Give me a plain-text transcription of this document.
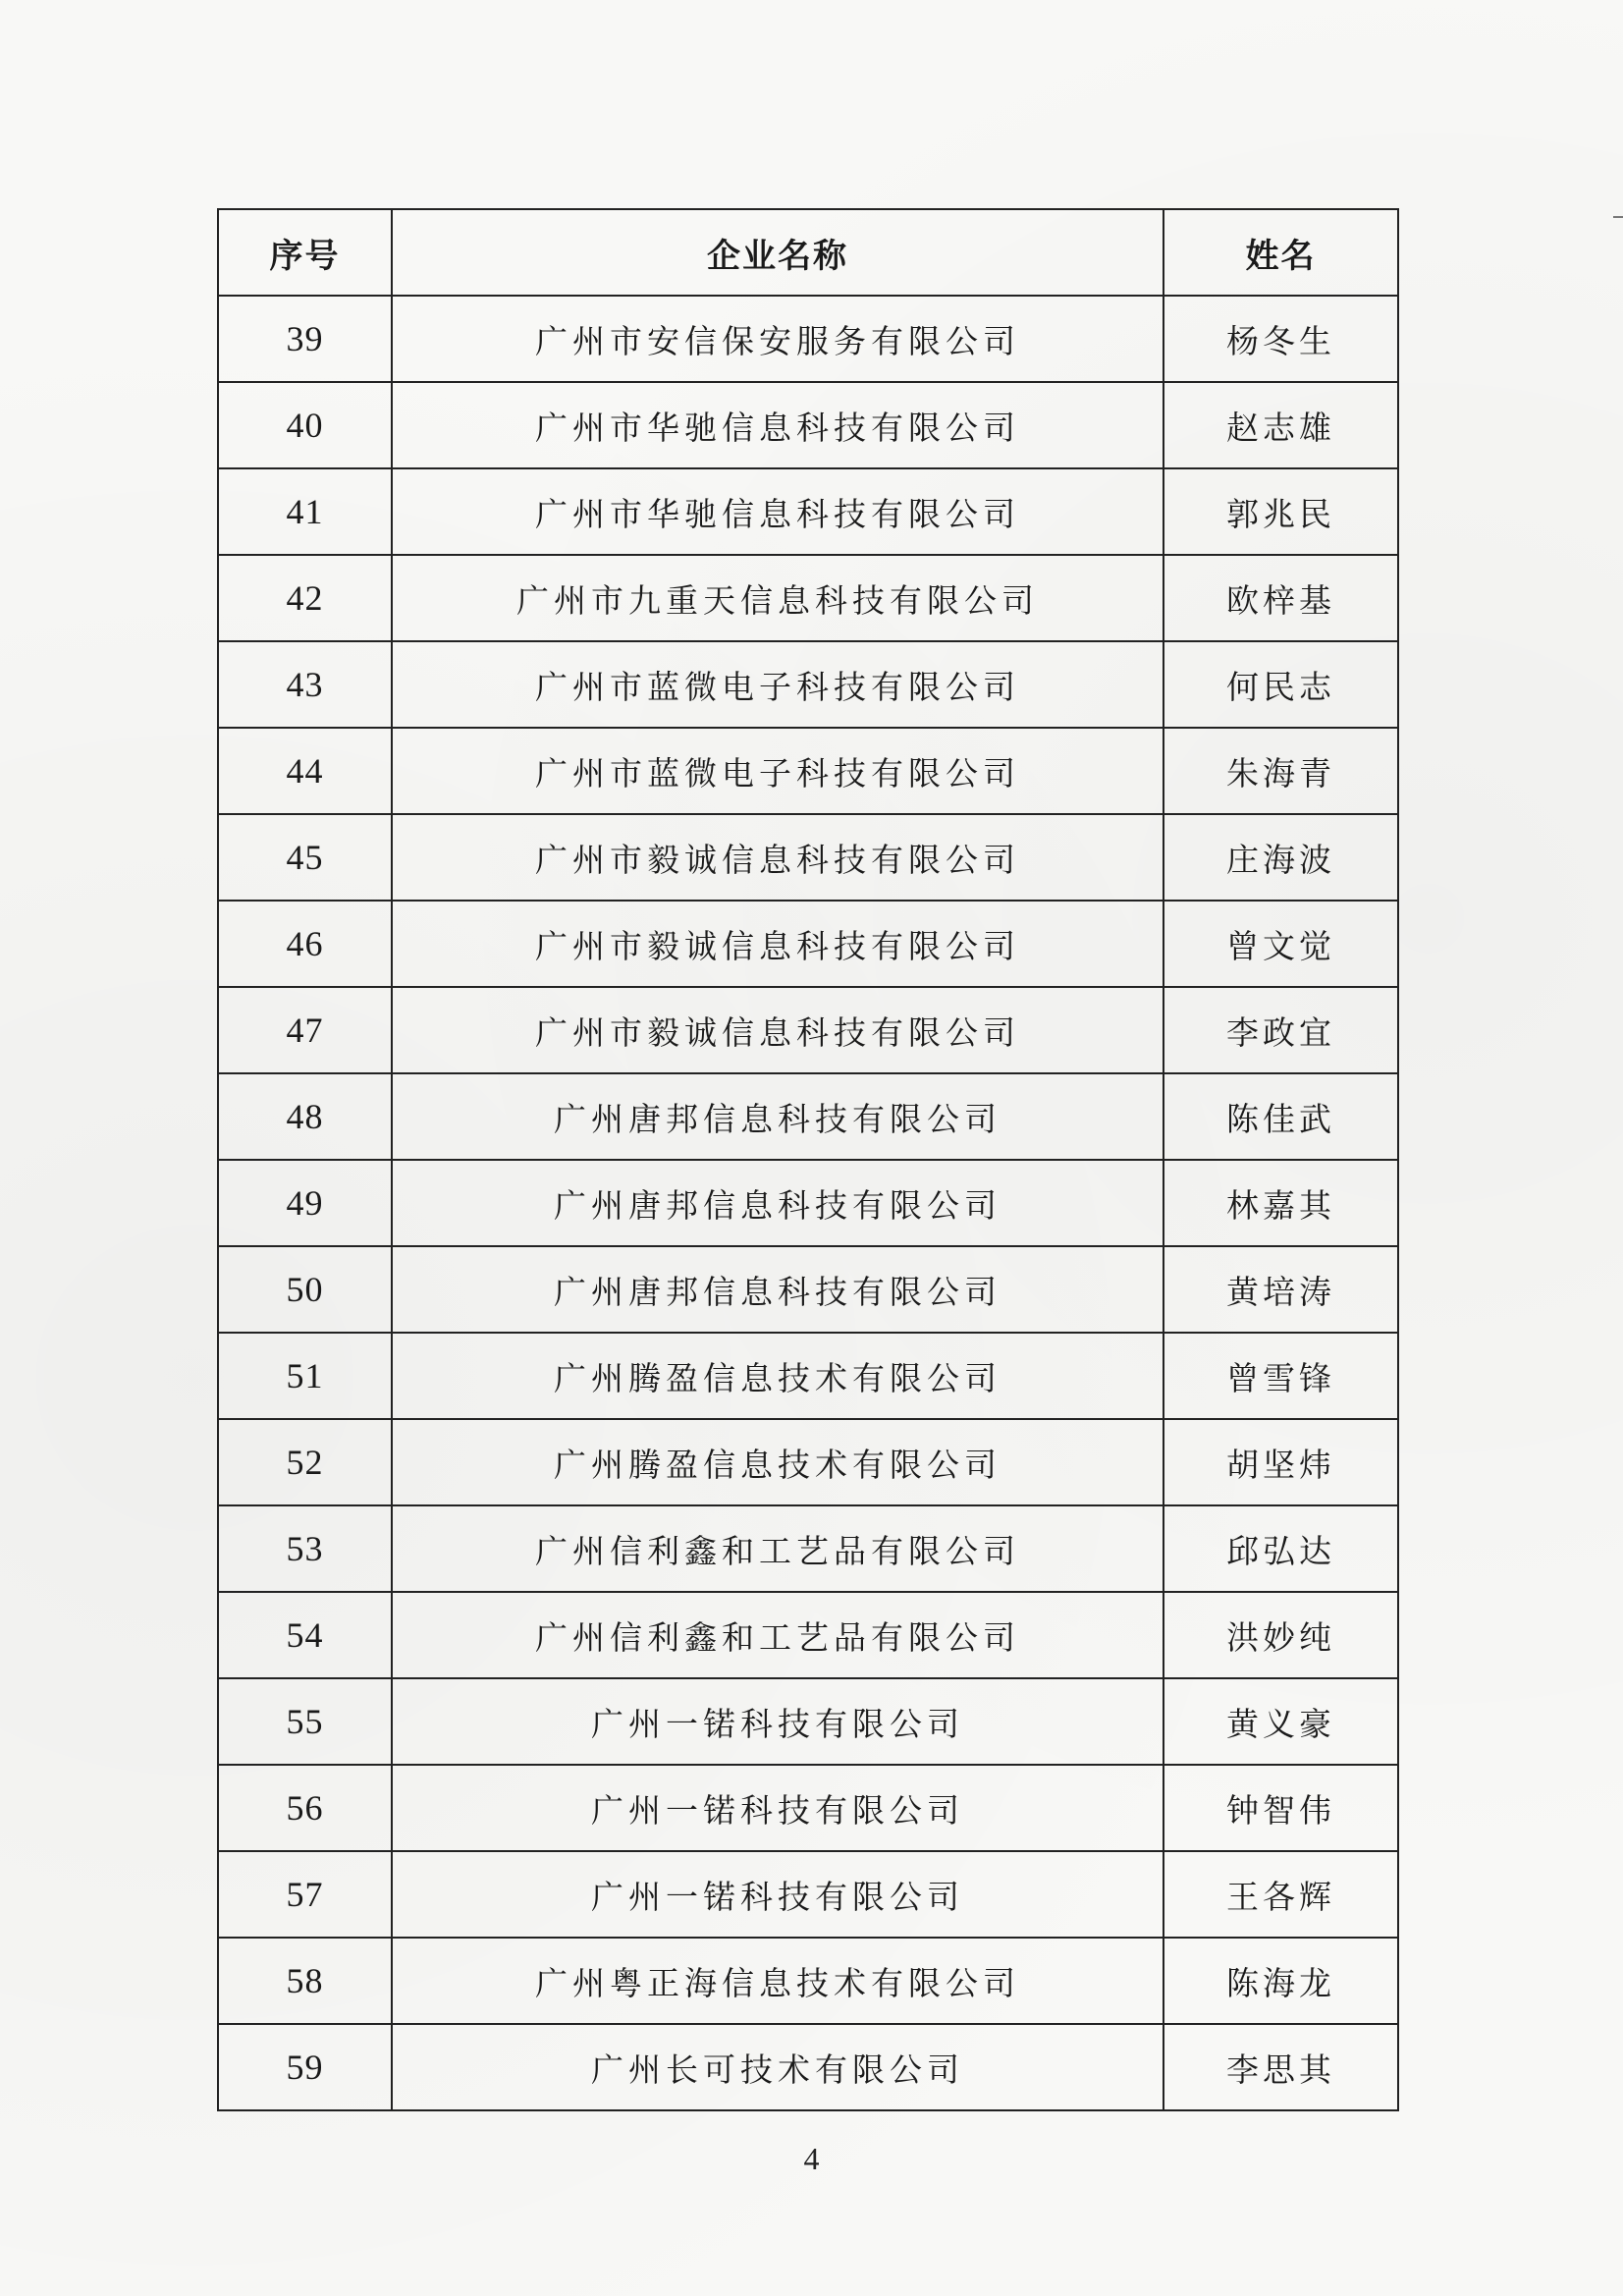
序号	企业名称	姓名
39	广州市安信保安服务有限公司	杨冬生
40	广州市华驰信息科技有限公司	赵志雄
41	广州市华驰信息科技有限公司	郭兆民
42	广州市九重天信息科技有限公司	欧梓基
43	广州市蓝微电子科技有限公司	何民志
44	广州市蓝微电子科技有限公司	朱海青
45	广州市毅诚信息科技有限公司	庄海波
46	广州市毅诚信息科技有限公司	曾文觉
47	广州市毅诚信息科技有限公司	李政宜
48	广州唐邦信息科技有限公司	陈佳武
49	广州唐邦信息科技有限公司	林嘉其
50	广州唐邦信息科技有限公司	黄培涛
51	广州腾盈信息技术有限公司	曾雪锋
52	广州腾盈信息技术有限公司	胡坚炜
53	广州信利鑫和工艺品有限公司	邱弘达
54	广州信利鑫和工艺品有限公司	洪妙纯
55	广州一锘科技有限公司	黄义豪
56	广州一锘科技有限公司	钟智伟
57	广州一锘科技有限公司	王各辉
58	广州粤正海信息技术有限公司	陈海龙
59	广州长可技术有限公司	李思其
4
